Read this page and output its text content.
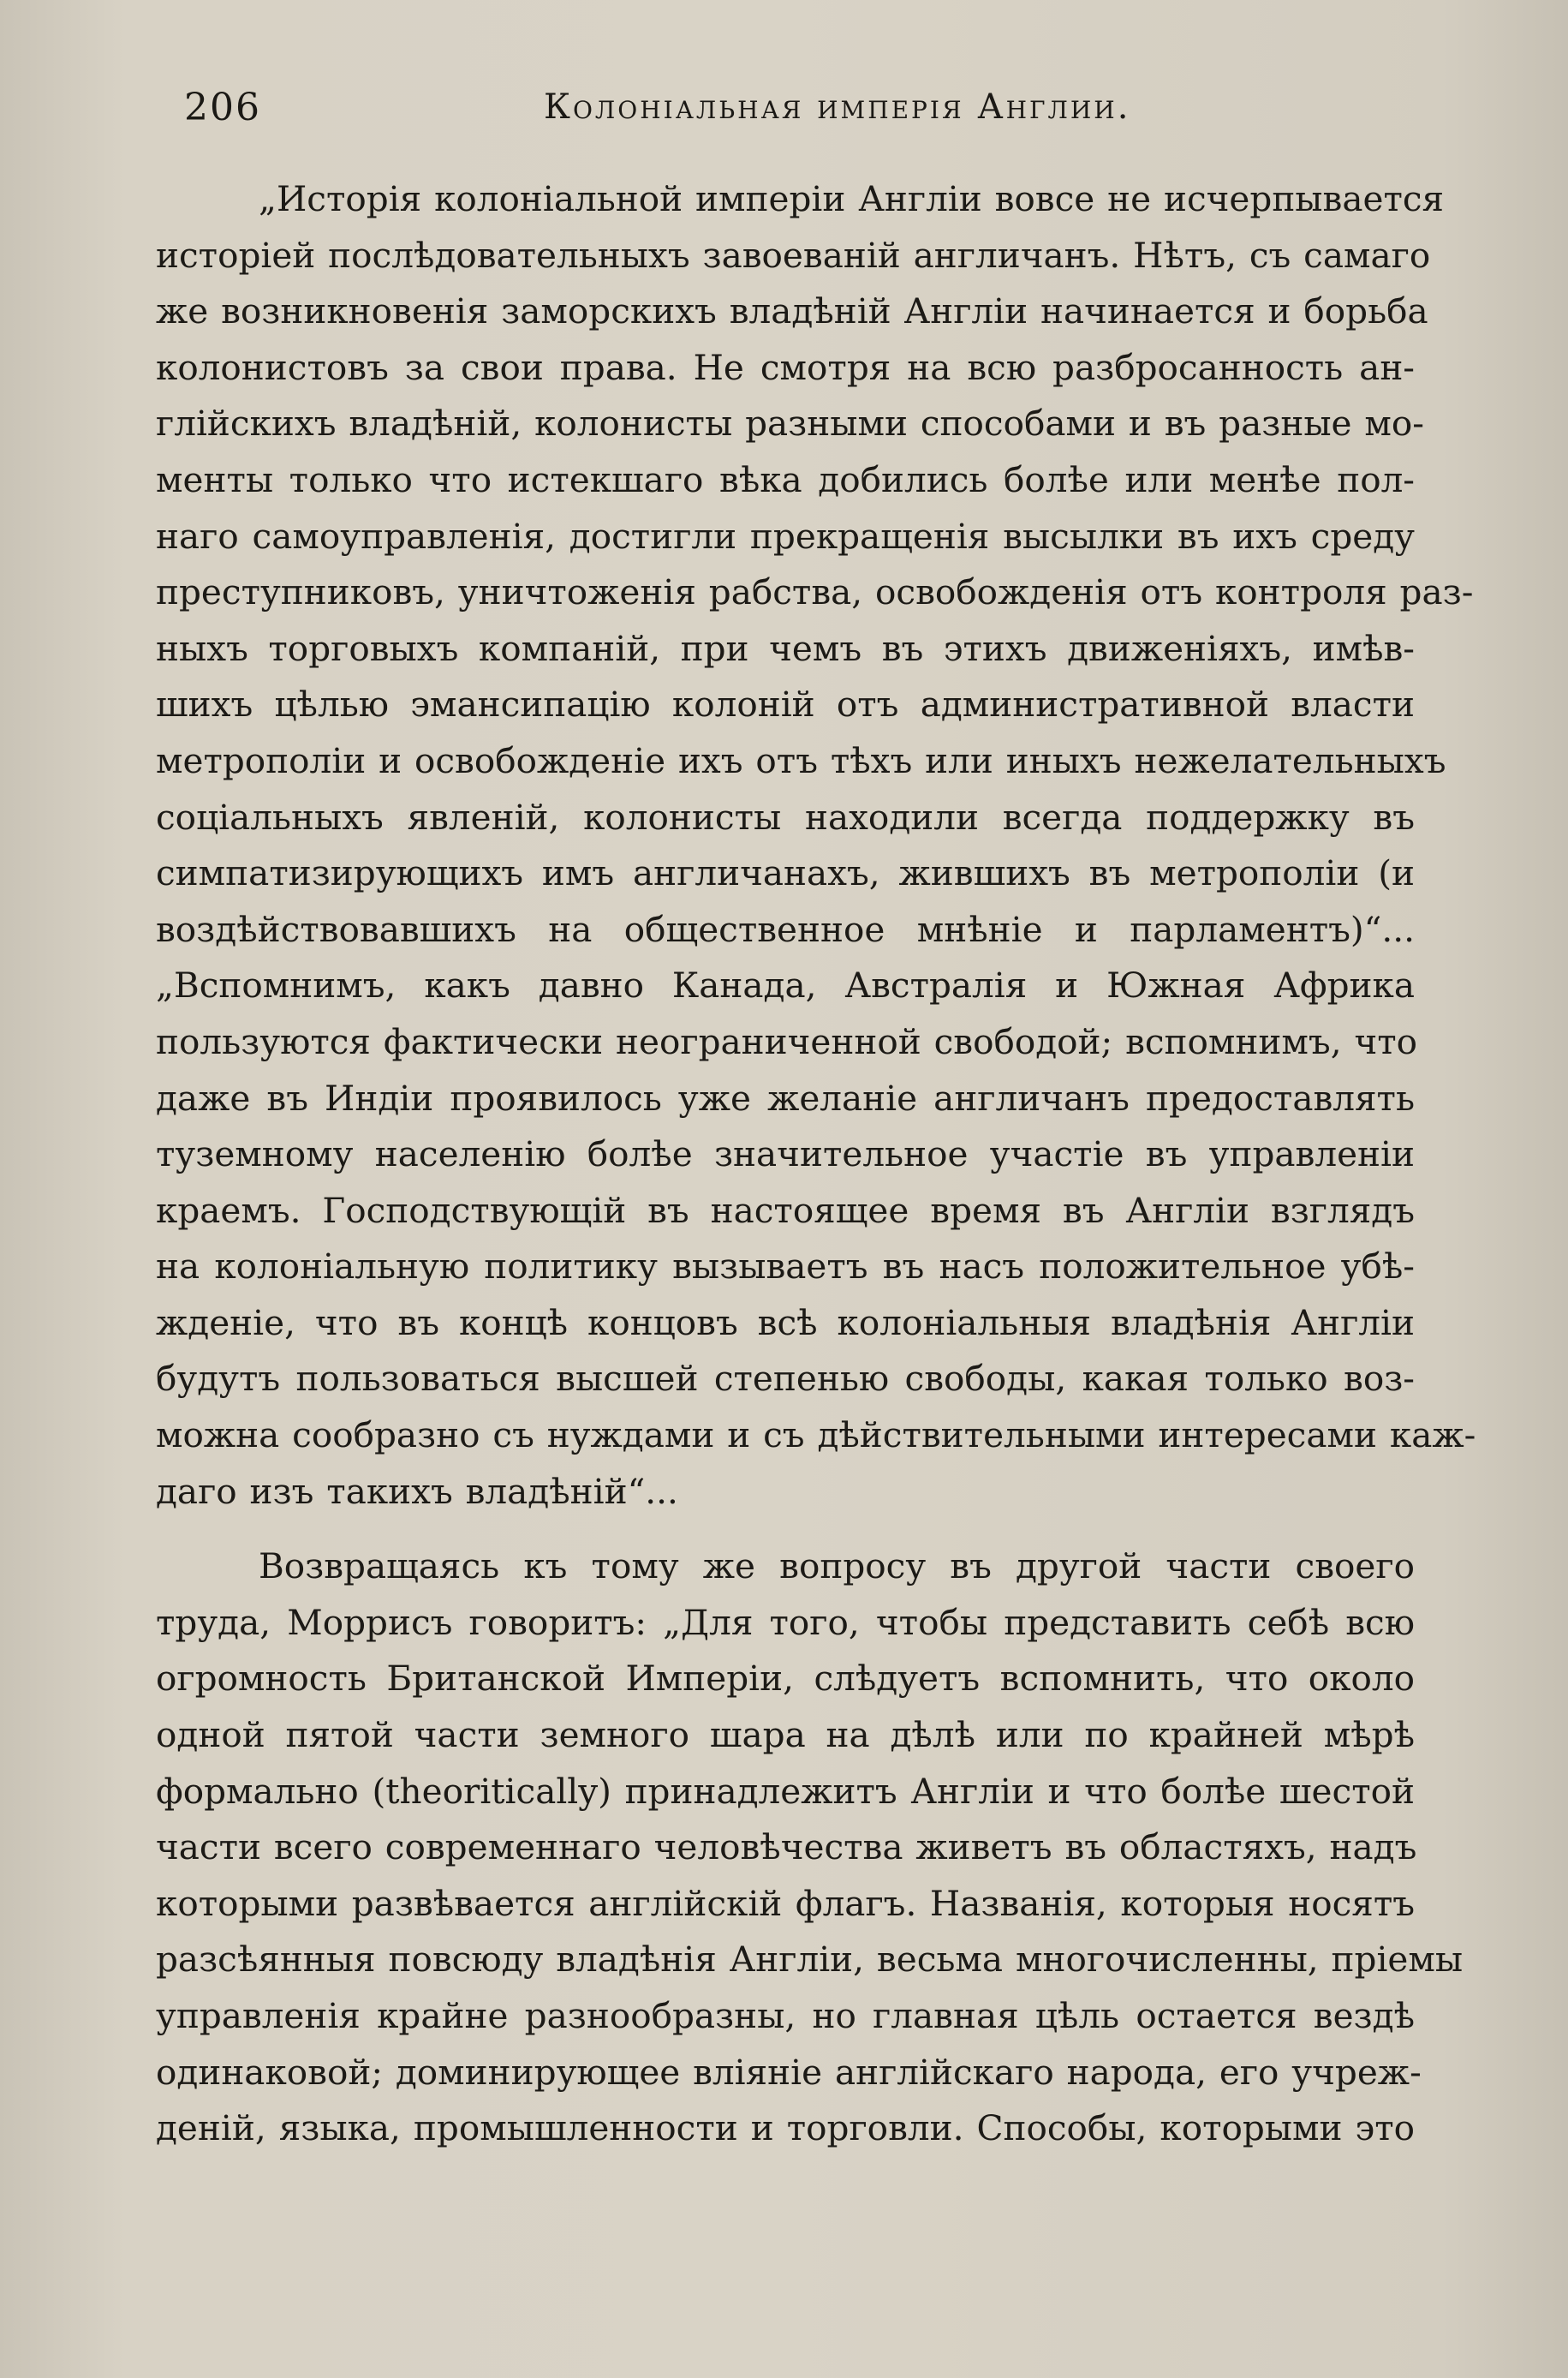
206	Колоніальная имперія Англии.
„Исторія колоніальной имперіи Англіи вовсе не исчерпывается
исторіей послѣдовательныхъ завоеваній англичанъ. Нѣтъ, съ самаго
же возникновенія заморскихъ владѣній Англіи начинается и борьба
колонистовъ за свои права. Не смотря на всю разбросанность ан-
глійскихъ владѣній, колонисты разными способами и въ разные мо-
менты только что истекшаго вѣка добились болѣе или менѣе пол-
наго самоуправленія, достигли прекращенія высылки въ ихъ среду
преступниковъ, уничтоженія рабства, освобожденія отъ контроля раз-
ныхъ торговыхъ компаній, при чемъ въ этихъ движеніяхъ, имѣв-
шихъ цѣлью эмансипацію колоній отъ административной власти
метрополіи и освобожденіе ихъ отъ тѣхъ или иныхъ нежелательныхъ
соціальныхъ явленій, колонисты находили всегда поддержку въ
симпатизирующихъ имъ англичанахъ, жившихъ въ метрополіи (и
воздѣйствовавшихъ на общественное мнѣніе и парламентъ)“...
„Вспомнимъ, какъ давно Канада, Австралія и Южная Африка
пользуются фактически неограниченной свободой; вспомнимъ, что
даже въ Индіи проявилось уже желаніе англичанъ предоставлять
туземному населенію болѣе значительное участіе въ управленіи
краемъ. Господствующій въ настоящее время въ Англіи взглядъ
на колоніальную политику вызываетъ въ насъ положительное убѣ-
жденіе, что въ концѣ концовъ всѣ колоніальныя владѣнія Англіи
будутъ пользоваться высшей степенью свободы, какая только воз-
можна сообразно съ нуждами и съ дѣйствительными интересами каж-
даго изъ такихъ владѣній“...
Возвращаясь къ тому же вопросу въ другой части своего
труда, Моррисъ говоритъ: „Для того, чтобы представить себѣ всю
огромность Британской Имперіи, слѣдуетъ вспомнить, что около
одной пятой части земного шара на дѣлѣ или по крайней мѣрѣ
формально (theoritically) принадлежитъ Англіи и что болѣе шестой
части всего современнаго человѣчества живетъ въ областяхъ, надъ
которыми развѣвается англійскій флагъ. Названія, которыя носятъ
разсѣянныя повсюду владѣнія Англіи, весьма многочисленны, пріемы
управленія крайне разнообразны, но главная цѣль остается вездѣ
одинаковой; доминирующее вліяніе англійскаго народа, его учреж-
деній, языка, промышленности и торговли. Способы, которыми это
